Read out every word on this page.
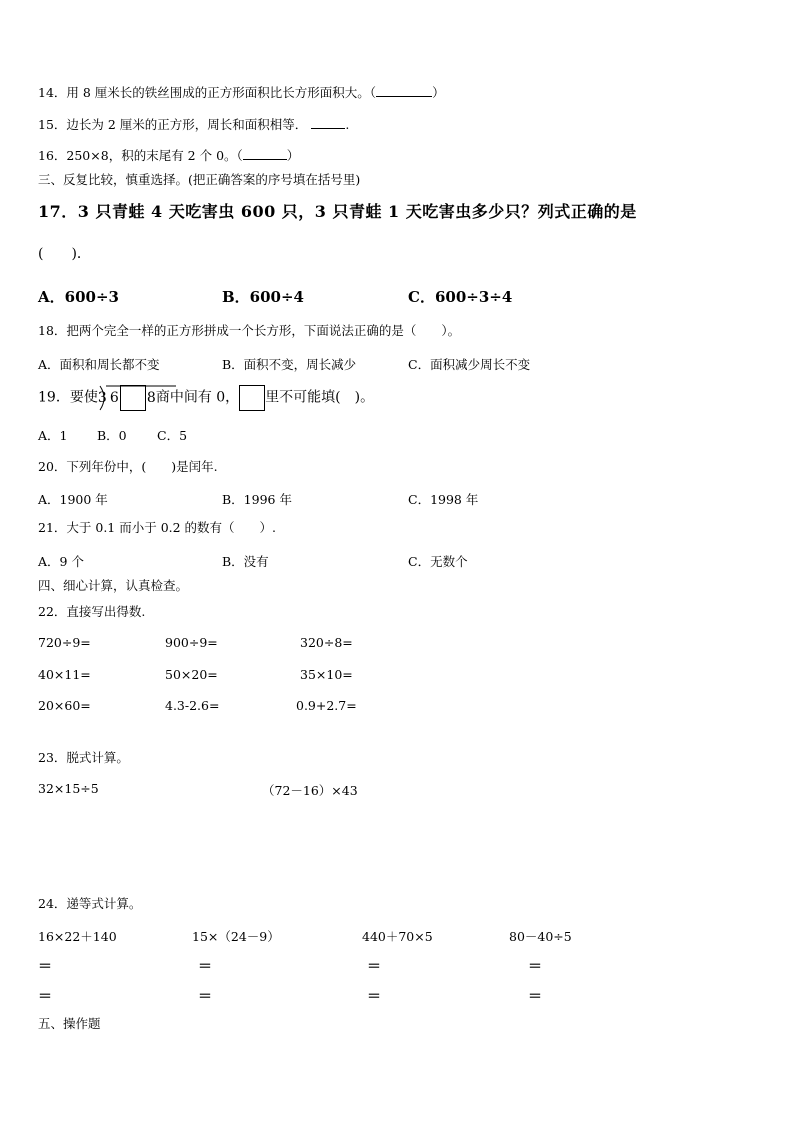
14．用 8 厘米长的铁丝围成的正方形面积比长方形面积大。（	）
15．边长为 2 厘米的正方形，周长和面积相等．	.
16．250×8，积的末尾有 2 个 0。（	）
三、反复比较，慎重选择。(把正确答案的序号填在括号里)
17．3 只青蛙 4 天吃害虫 600 只，3 只青蛙 1 天吃害虫多少只？列式正确的是
(　　)．
A．600÷3	B．600÷4	C．600÷3÷4
18．把两个完全一样的正方形拼成一个长方形，下面说法正确的是（　　）。
A．面积和周长都不变	B．面积不变，周长减少	C．面积减少周长不变
19．要使
3 6 8
商中间有 0， 里不可能填(　)。
A．1 B．0 C．5
20．下列年份中，(　　)是闰年.
A．1900 年	B．1996 年	C．1998 年
21．大于 0.1 而小于 0.2 的数有（　　）.
A．9 个	B．没有	C．无数个
四、细心计算，认真检查。
22．直接写出得数.
720÷9=	900÷9=	320÷8=
40×11=	50×20=	35×10=
20×60=	4.3-2.6=	0.9+2.7=
23．脱式计算。
32×15÷5	（72－16）×43
24．递等式计算。
16×22＋140	15×（24－9）	440＋70×5	80－40÷5
＝	＝	＝	＝
＝	＝	＝	＝
五、操作题
